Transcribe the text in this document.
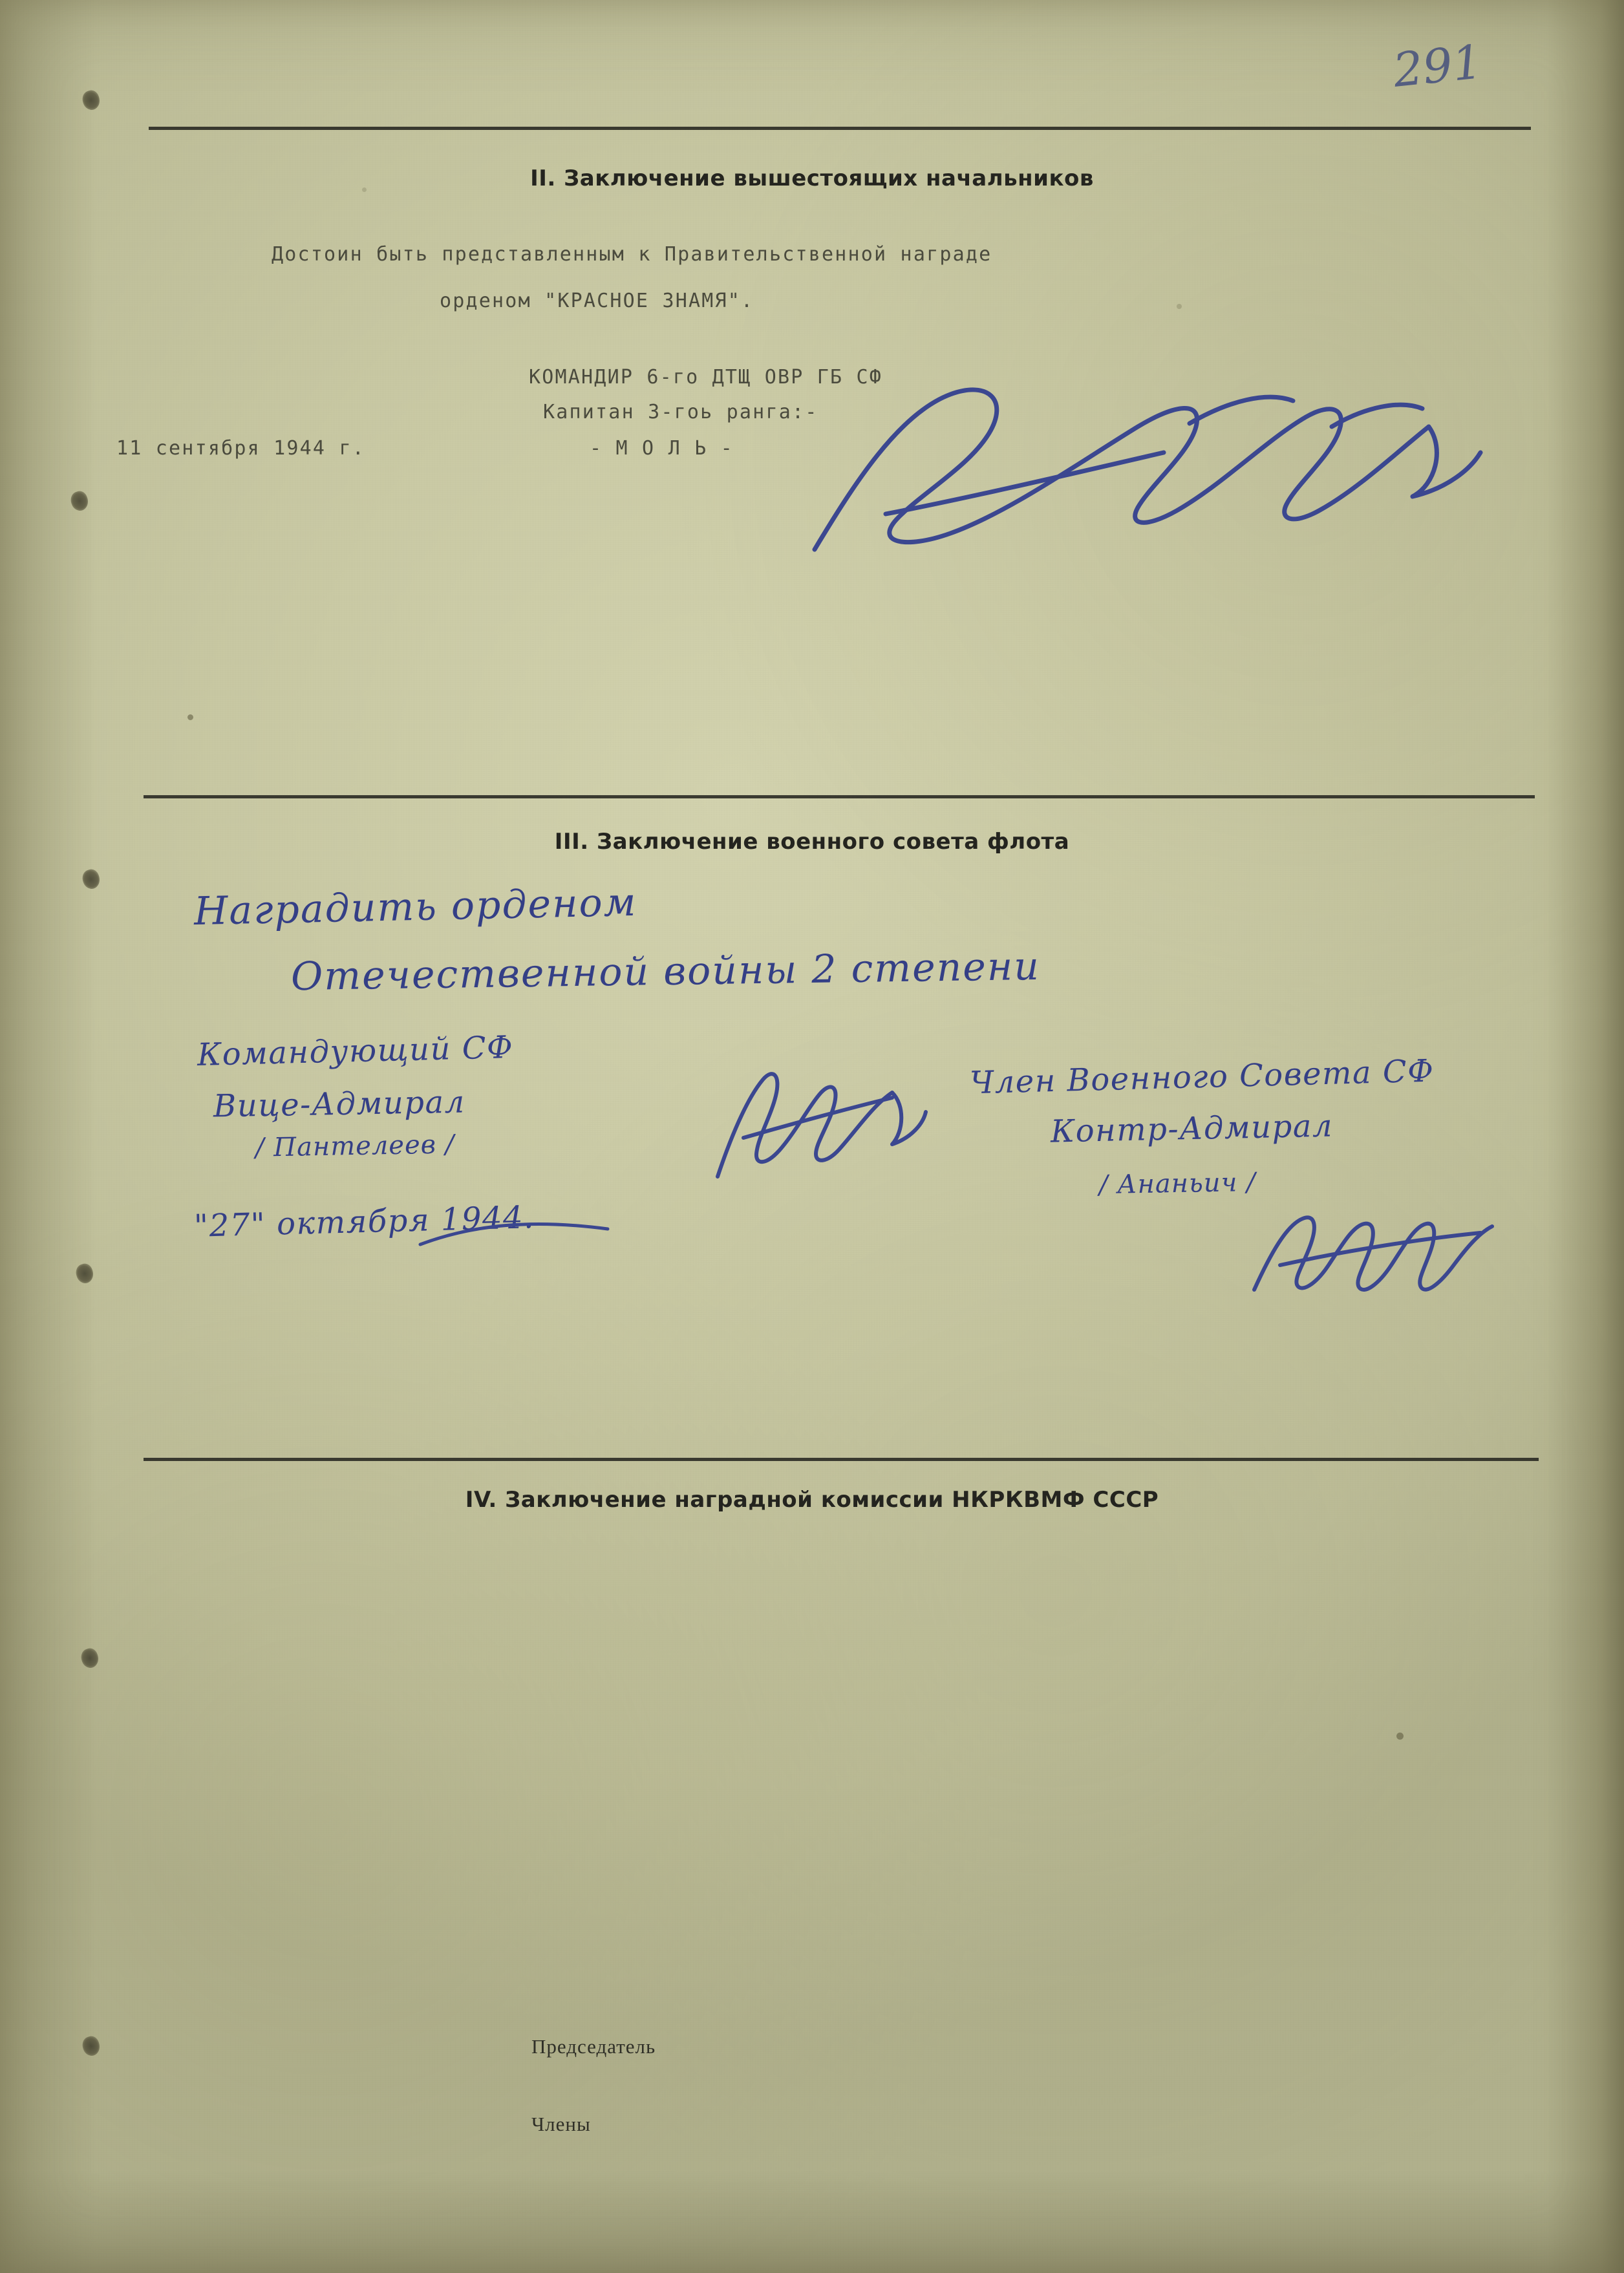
291
II. Заключение вышестоящих начальников
Достоин быть представленным к Правительственной награде
орденом "КРАСНОЕ ЗНАМЯ".
КОМАНДИР 6-го ДТЩ ОВР ГБ СФ
Капитан 3-гоь ранга:-
- М О Л Ь -
11 сентября 1944 г.
III. Заключение военного совета флота
Наградить орденом
Отечественной войны 2 степени
Командующий СФ
Вице-Адмирал
/ Пантелеев /
Член Военного Совета СФ
Контр-Адмирал
/ Ананьич /
"27" октября 1944.
IV. Заключение наградной комиссии НКРКВМФ СССР
Председатель
Члены
